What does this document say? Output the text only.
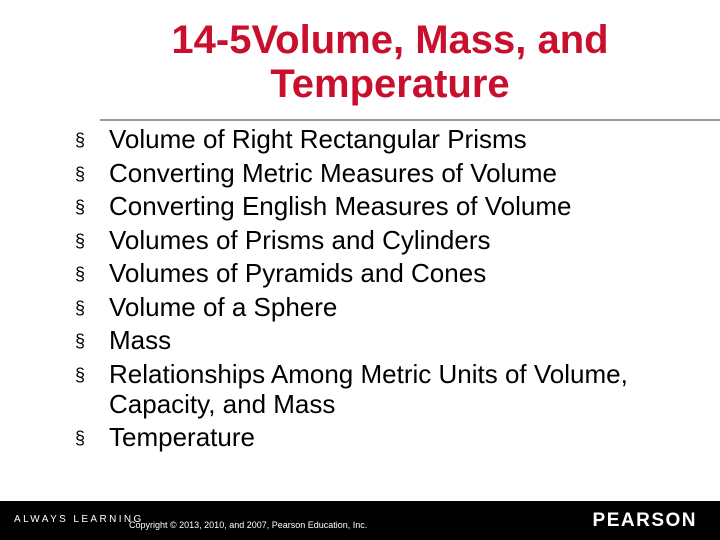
14-5Volume, Mass, and
Temperature
§ Volume of Right Rectangular Prisms
§ Converting Metric Measures of Volume
§ Converting English Measures of Volume
§ Volumes of Prisms and Cylinders
§ Volumes of Pyramids and Cones
§ Volume of a Sphere
§ Mass
§ Relationships Among Metric Units of Volume, Capacity, and Mass
§ Temperature
ALWAYS LEARNING
Copyright © 2013, 2010, and 2007, Pearson Education, Inc.	PEARSON
